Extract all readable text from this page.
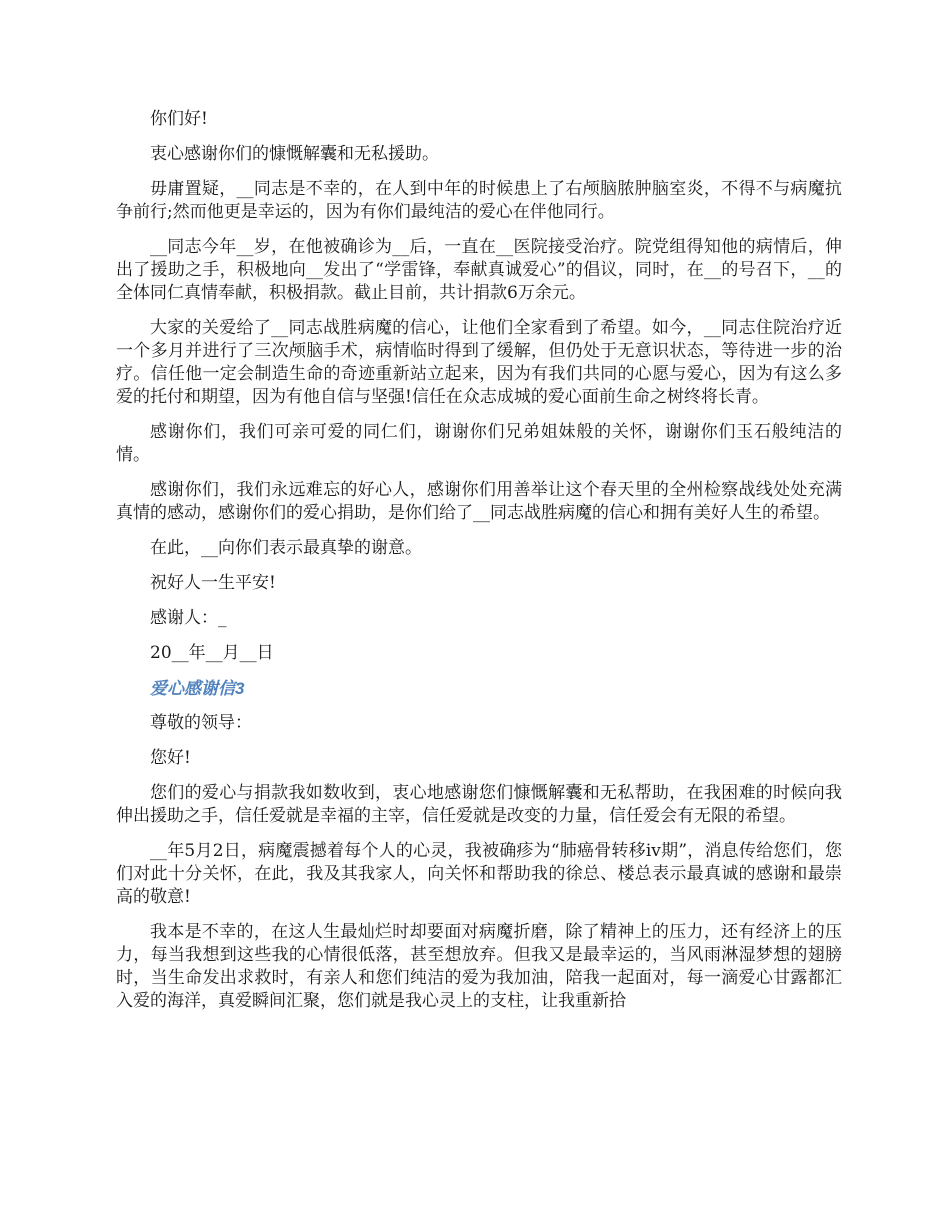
你们好!

衷心感谢你们的慷慨解囊和无私援助。

毋庸置疑，__同志是不幸的，在人到中年的时候患上了右颅脑脓肿脑室炎，不得不与病魔抗争前行;然而他更是幸运的，因为有你们最纯洁的爱心在伴他同行。

__同志今年__岁，在他被确诊为__后，一直在__医院接受治疗。院党组得知他的病情后，伸出了援助之手，积极地向__发出了“学雷锋，奉献真诚爱心”的倡议，同时，在__的号召下，__的全体同仁真情奉献，积极捐款。截止目前，共计捐款6万余元。

大家的关爱给了__同志战胜病魔的信心，让他们全家看到了希望。如今，__同志住院治疗近一个多月并进行了三次颅脑手术，病情临时得到了缓解，但仍处于无意识状态，等待进一步的治疗。信任他一定会制造生命的奇迹重新站立起来，因为有我们共同的心愿与爱心，因为有这么多爱的托付和期望，因为有他自信与坚强!信任在众志成城的爱心面前生命之树终将长青。

感谢你们，我们可亲可爱的同仁们，谢谢你们兄弟姐妹般的关怀，谢谢你们玉石般纯洁的情。

感谢你们，我们永远难忘的好心人，感谢你们用善举让这个春天里的全州检察战线处处充满真情的感动，感谢你们的爱心捐助，是你们给了__同志战胜病魔的信心和拥有美好人生的希望。

在此，__向你们表示最真挚的谢意。

祝好人一生平安!

感谢人：_

20__年__月__日

爱心感谢信3

尊敬的领导：

您好!

您们的爱心与捐款我如数收到，衷心地感谢您们慷慨解囊和无私帮助，在我困难的时候向我伸出援助之手，信任爱就是幸福的主宰，信任爱就是改变的力量，信任爱会有无限的希望。

__年5月2日，病魔震撼着每个人的心灵，我被确疹为“肺癌骨转移iv期”，消息传给您们，您们对此十分关怀，在此，我及其我家人，向关怀和帮助我的徐总、楼总表示最真诚的感谢和最崇高的敬意!

我本是不幸的，在这人生最灿烂时却要面对病魔折磨，除了精神上的压力，还有经济上的压力，每当我想到这些我的心情很低落，甚至想放弃。但我又是最幸运的，当风雨淋湿梦想的翅膀时，当生命发出求救时，有亲人和您们纯洁的爱为我加油，陪我一起面对，每一滴爱心甘露都汇入爱的海洋，真爱瞬间汇聚，您们就是我心灵上的支柱，让我重新拾
